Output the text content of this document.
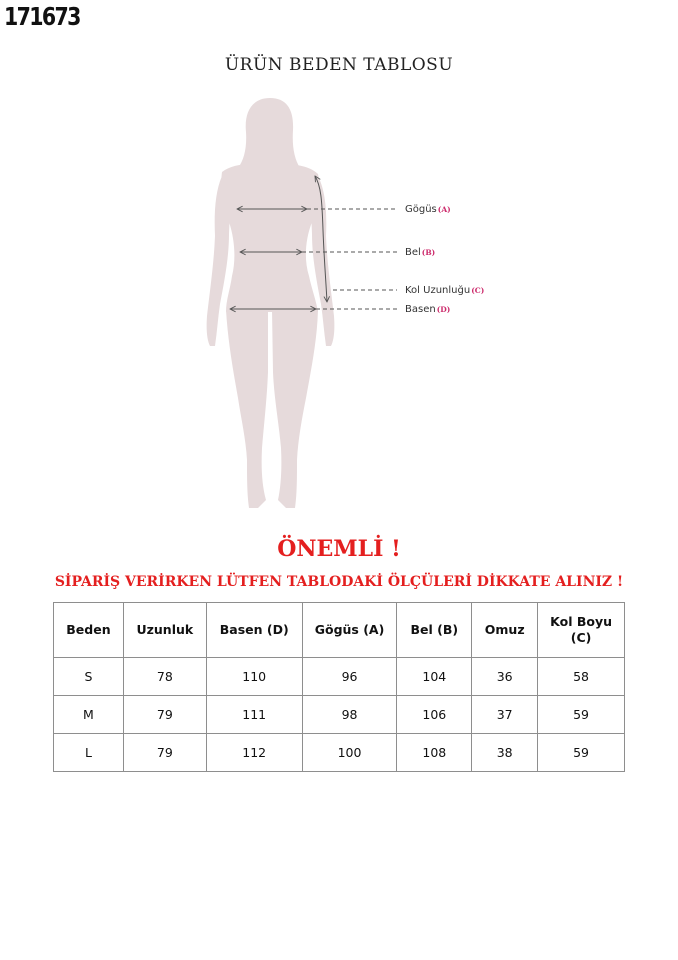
171673
ÜRÜN BEDEN TABLOSU
Gögüs(A)
Bel(B)
Kol Uzunluğu(C)
Basen(D)
ÖNEMLİ !
SİPARİŞ VERİRKEN LÜTFEN TABLODAKİ ÖLÇÜLERİ DİKKATE ALINIZ !
Beden	Uzunluk	Basen (D)	Gögüs (A)	Bel (B)	Omuz	Kol Boyu (C)
S	78	110	96	104	36	58
M	79	111	98	106	37	59
L	79	112	100	108	38	59
